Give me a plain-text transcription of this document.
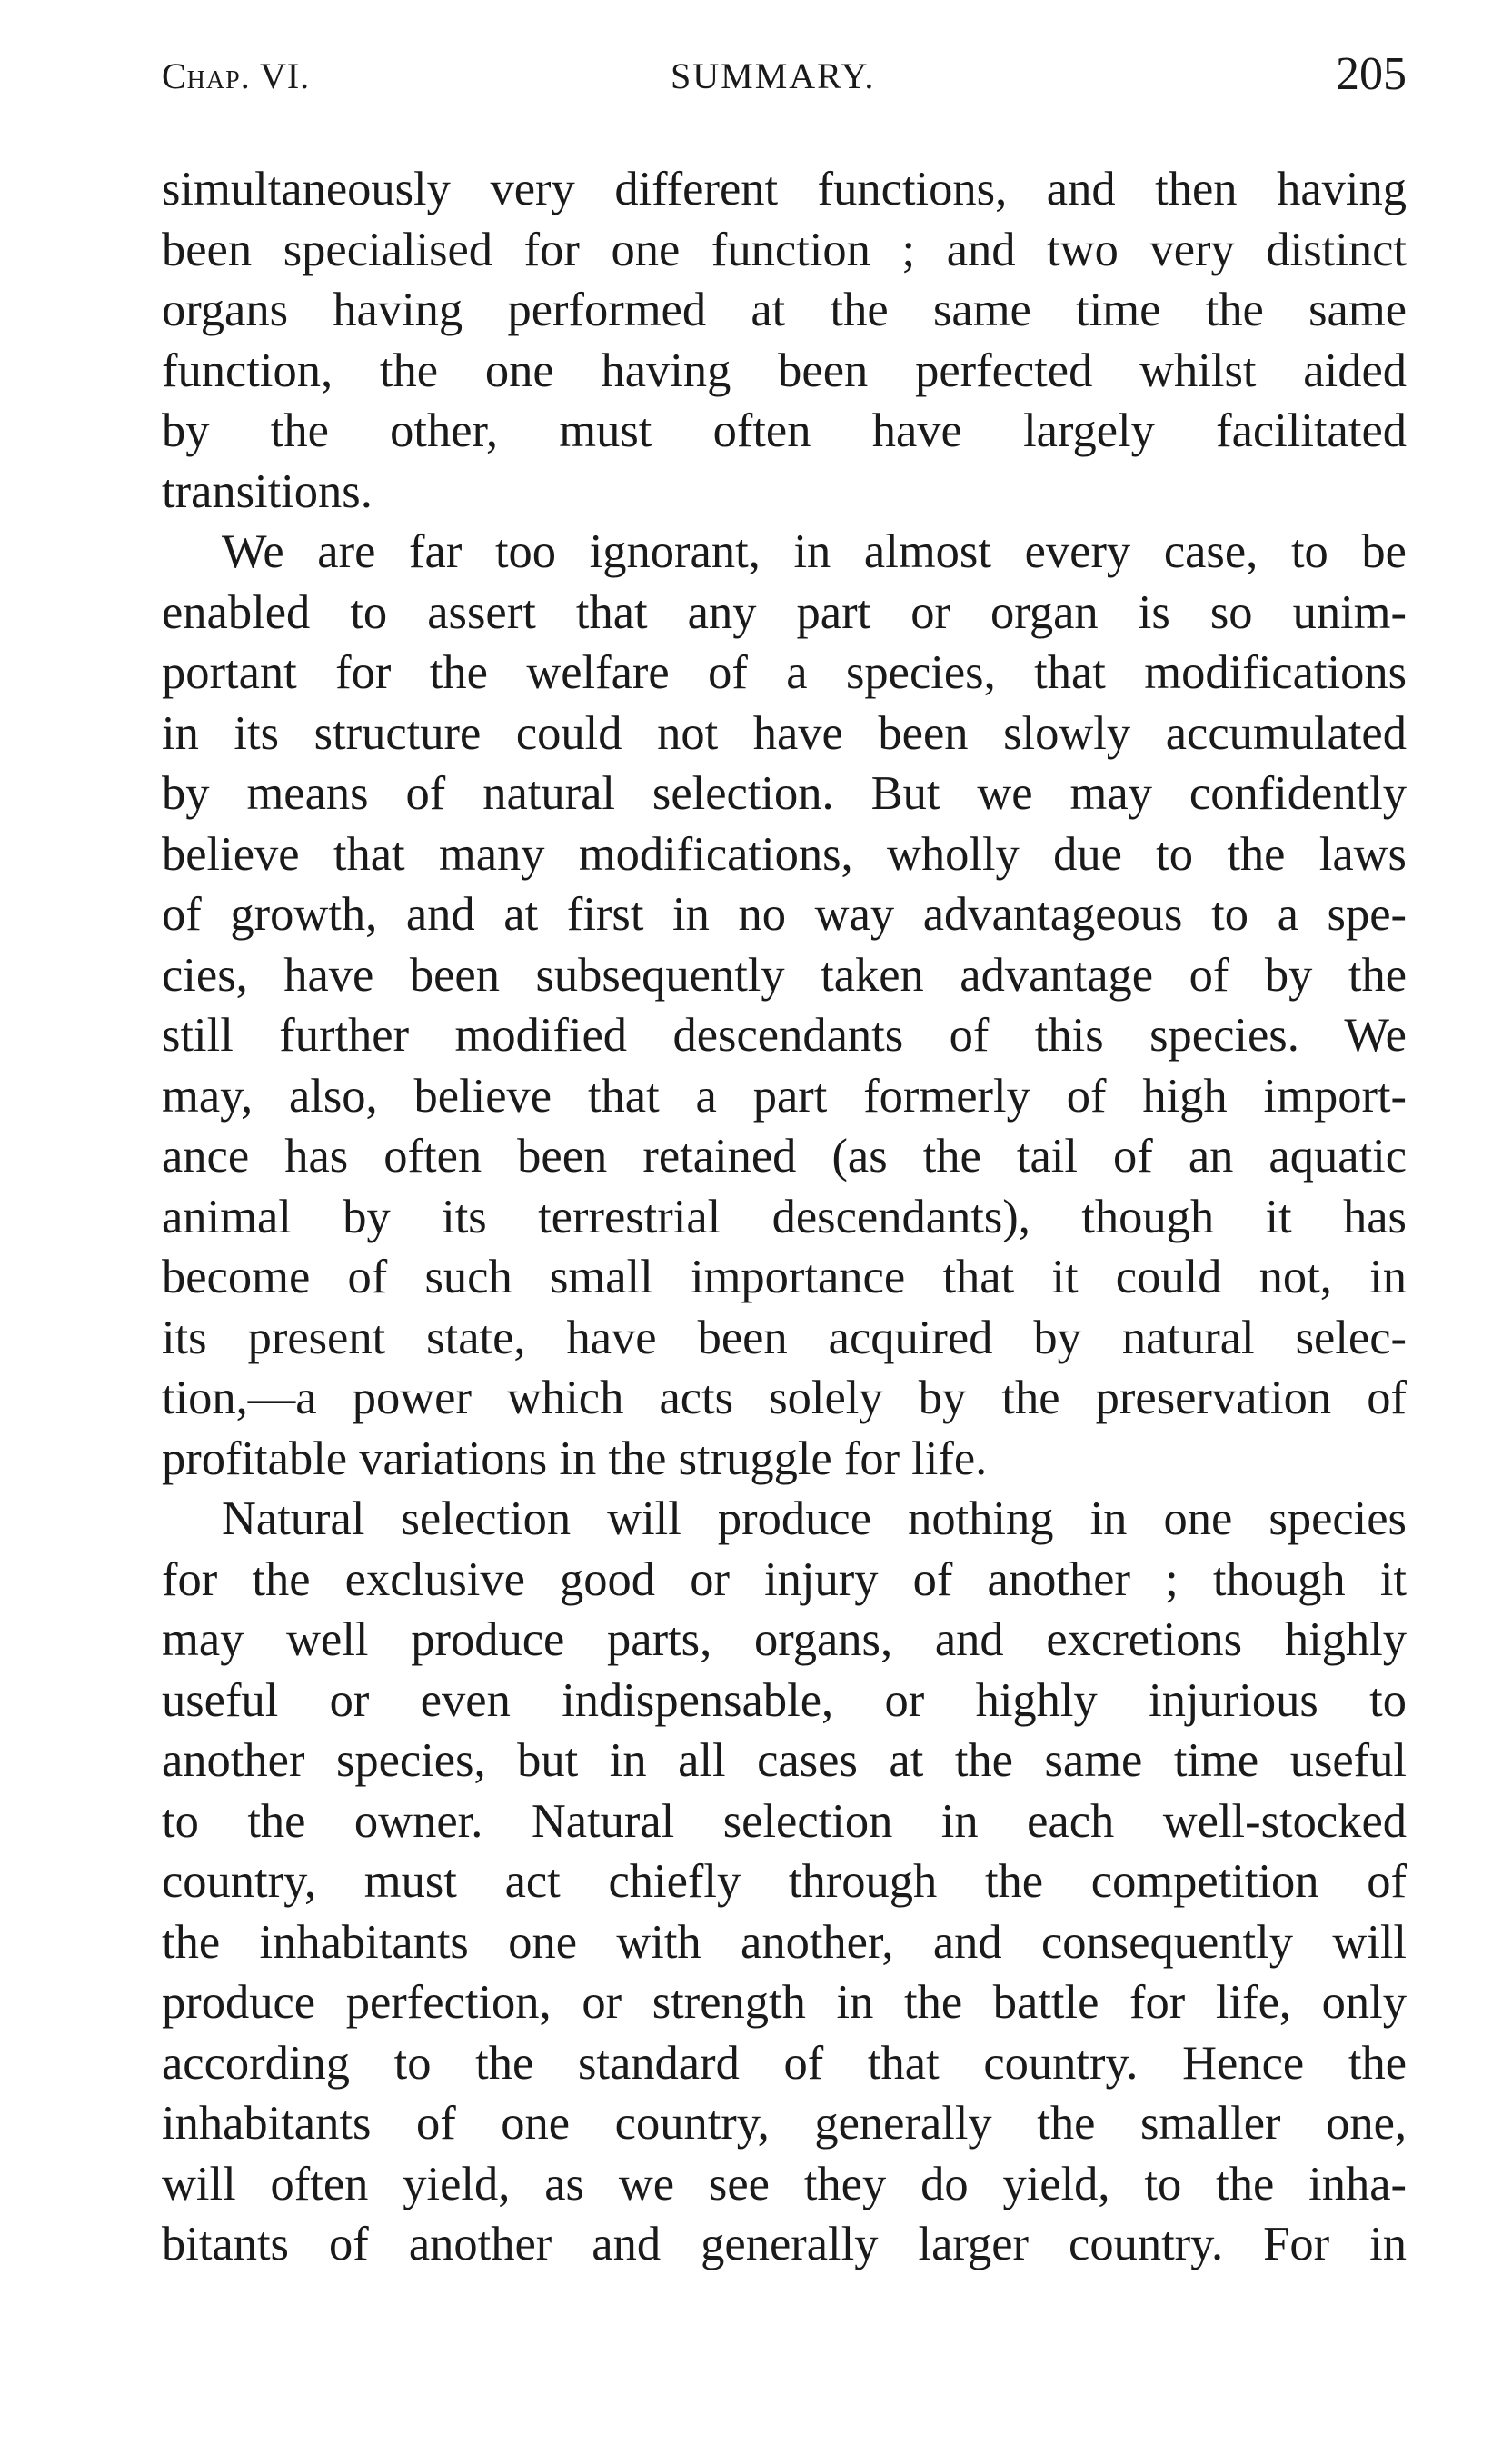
Chap. VI.	SUMMARY.	205
simultaneously very different functions, and then having
been specialised for one function ; and two very distinct
organs having performed at the same time the same
function, the one having been perfected whilst aided
by the other, must often have largely facilitated
transitions.
We are far too ignorant, in almost every case, to be
enabled to assert that any part or organ is so unim-
portant for the welfare of a species, that modifications
in its structure could not have been slowly accumulated
by means of natural selection. But we may confidently
believe that many modifications, wholly due to the laws
of growth, and at first in no way advantageous to a spe-
cies, have been subsequently taken advantage of by the
still further modified descendants of this species. We
may, also, believe that a part formerly of high import-
ance has often been retained (as the tail of an aquatic
animal by its terrestrial descendants), though it has
become of such small importance that it could not, in
its present state, have been acquired by natural selec-
tion,—a power which acts solely by the preservation of
profitable variations in the struggle for life.
Natural selection will produce nothing in one species
for the exclusive good or injury of another ; though it
may well produce parts, organs, and excretions highly
useful or even indispensable, or highly injurious to
another species, but in all cases at the same time useful
to the owner. Natural selection in each well-stocked
country, must act chiefly through the competition of
the inhabitants one with another, and consequently will
produce perfection, or strength in the battle for life, only
according to the standard of that country. Hence the
inhabitants of one country, generally the smaller one,
will often yield, as we see they do yield, to the inha-
bitants of another and generally larger country. For in
